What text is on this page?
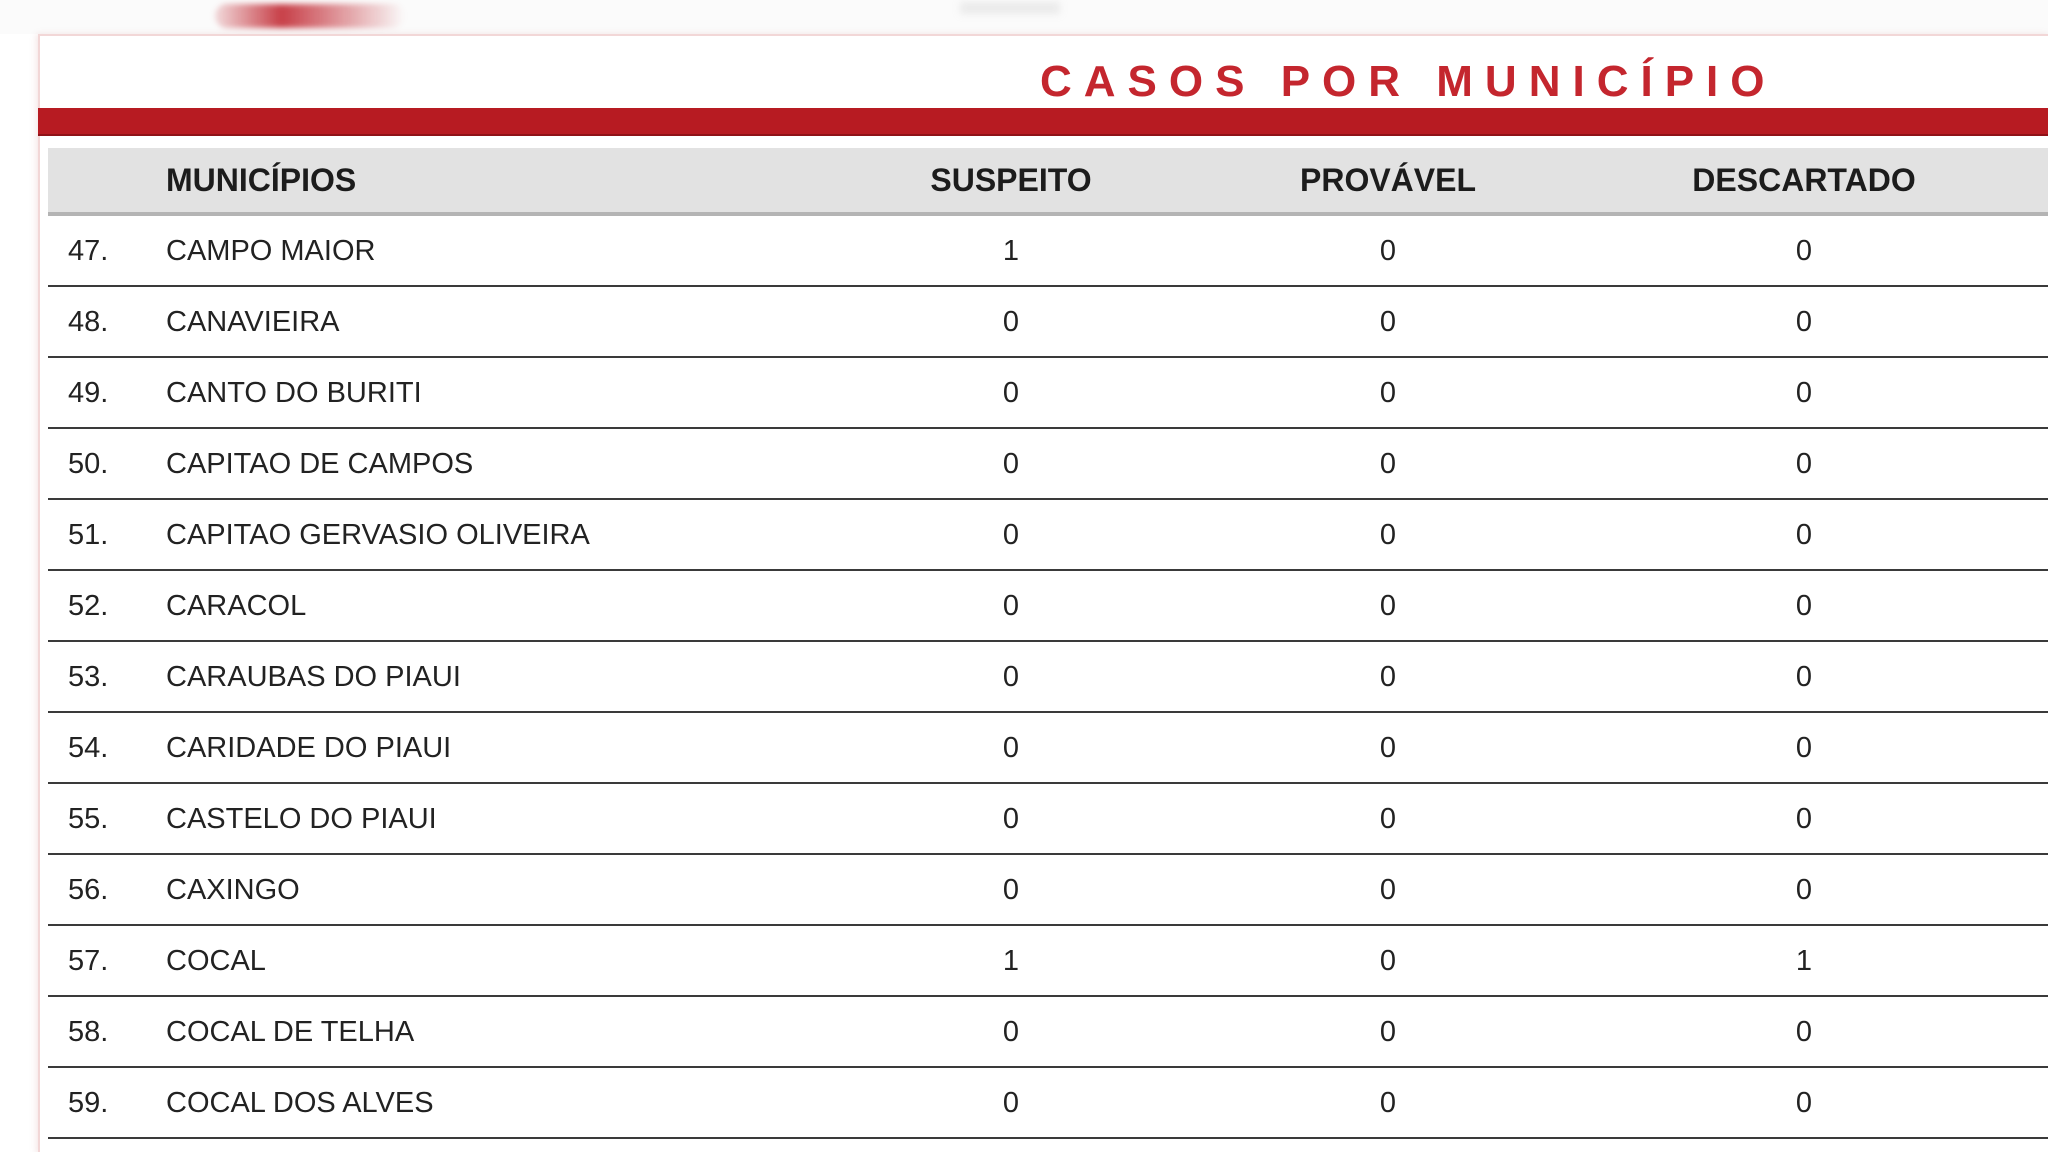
CASOS POR MUNICÍPIO
MUNICÍPIOS	SUSPEITO	PROVÁVEL	DESCARTADO
47. CAMPO MAIOR	1	0	0
48. CANAVIEIRA	0	0	0
49. CANTO DO BURITI	0	0	0
50. CAPITAO DE CAMPOS	0	0	0
51. CAPITAO GERVASIO OLIVEIRA	0	0	0
52. CARACOL	0	0	0
53. CARAUBAS DO PIAUI	0	0	0
54. CARIDADE DO PIAUI	0	0	0
55. CASTELO DO PIAUI	0	0	0
56. CAXINGO	0	0	0
57. COCAL	1	0	1
58. COCAL DE TELHA	0	0	0
59. COCAL DOS ALVES	0	0	0
